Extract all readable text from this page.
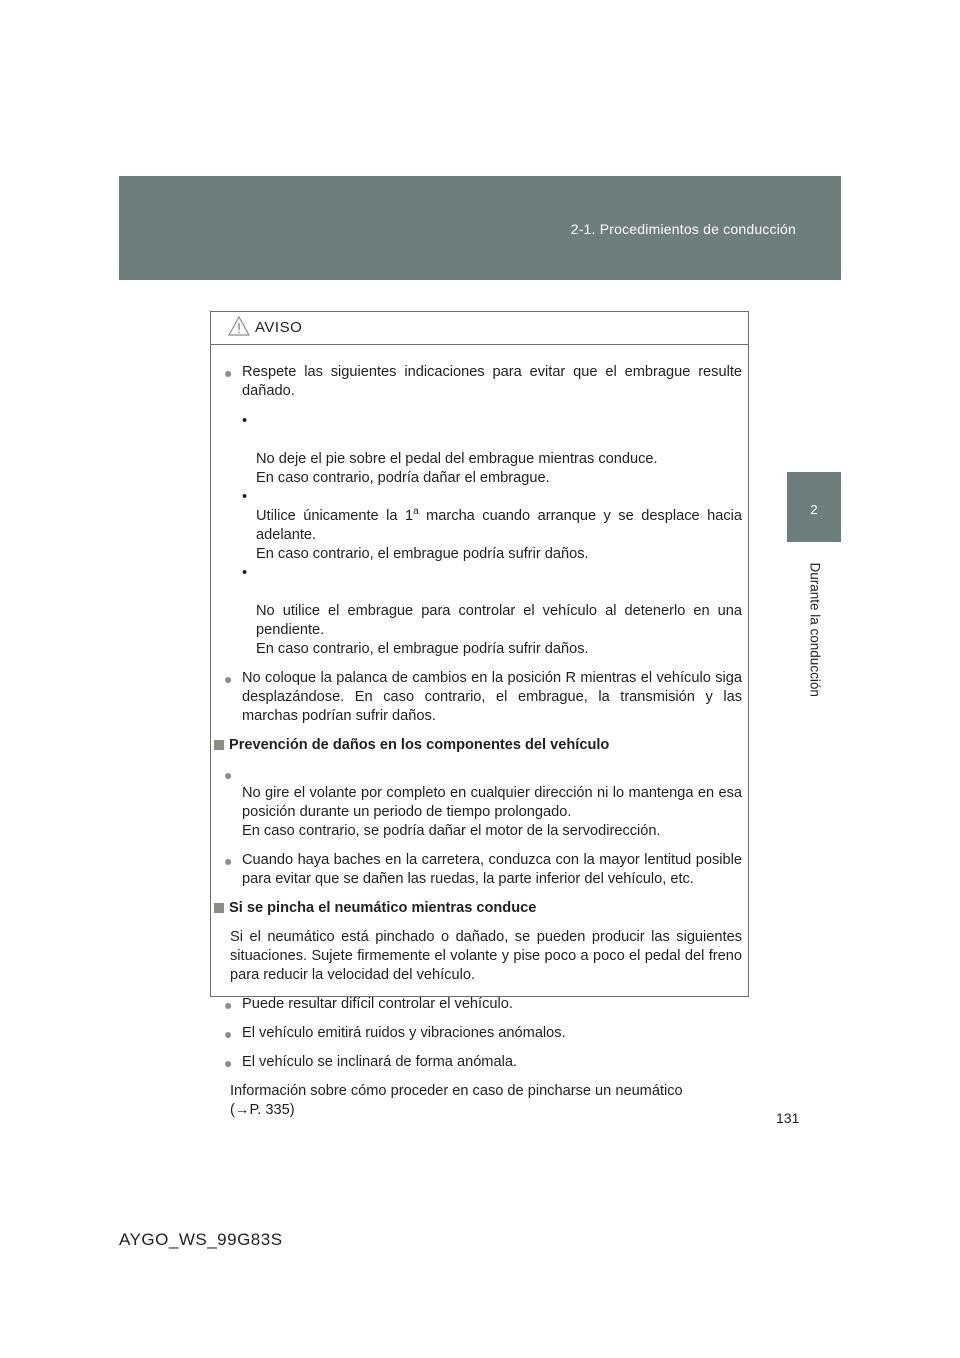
2-1. Procedimientos de conducción
2
Durante la conducción
AVISO
● Respete las siguientes indicaciones para evitar que el embrague resulte dañado.

•

No deje el pie sobre el pedal del embrague mientras conduce.
En caso contrario, podría dañar el embrague.

•
Utilice únicamente la 1$^a$ marcha cuando arranque y se desplace hacia adelante.
En caso contrario, el embrague podría sufrir daños.

•

No utilice el embrague para controlar el vehículo al detenerlo en una pendiente.
En caso contrario, el embrague podría sufrir daños.

● No coloque la palanca de cambios en la posición R mientras el vehículo siga desplazándose. En caso contrario, el embrague, la transmisión y las marchas podrían sufrir daños.
Prevención de daños en los componentes del vehículo

●
No gire el volante por completo en cualquier dirección ni lo mantenga en esa posición durante un periodo de tiempo prolongado.
En caso contrario, se podría dañar el motor de la servodirección.

● Cuando haya baches en la carretera, conduzca con la mayor lentitud posible para evitar que se dañen las ruedas, la parte inferior del vehículo, etc.
Si se pincha el neumático mientras conduce
Si el neumático está pinchado o dañado, se pueden producir las siguientes situaciones. Sujete firmemente el volante y pise poco a poco el pedal del freno para reducir la velocidad del vehículo.
● Puede resultar difícil controlar el vehículo.
● El vehículo emitirá ruidos y vibraciones anómalos.
● El vehículo se inclinará de forma anómala.
Información sobre cómo proceder en caso de pincharse un neumático
(→P. 335)	131
AYGO_WS_99G83S
